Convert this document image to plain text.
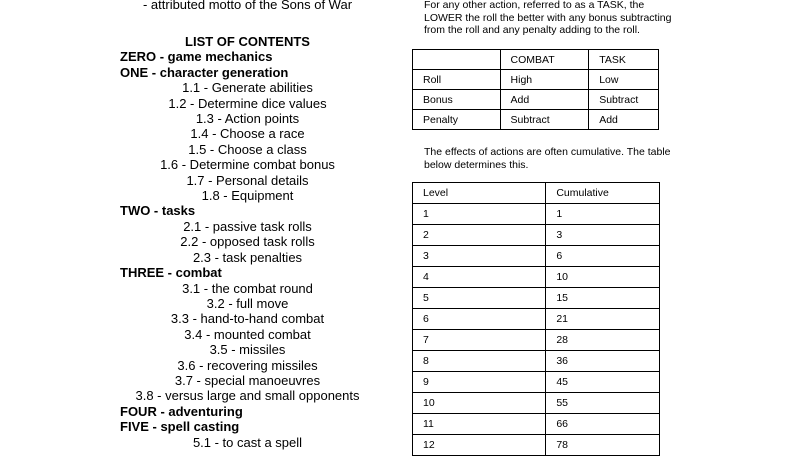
- attributed motto of the Sons of War
LIST OF CONTENTS
ZERO - game mechanics
ONE - character generation
1.1 - Generate abilities
1.2 - Determine dice values
1.3 - Action points
1.4 - Choose a race
1.5 - Choose a class
1.6 - Determine combat bonus
1.7 - Personal details
1.8 - Equipment
TWO - tasks
2.1 - passive task rolls
2.2 - opposed task rolls
2.3 - task penalties
THREE - combat
3.1 - the combat round
3.2 - full move
3.3 - hand-to-hand combat
3.4 - mounted combat
3.5 - missiles
3.6 - recovering missiles
3.7 - special manoeuvres
3.8 - versus large and small opponents
FOUR - adventuring
FIVE - spell casting
5.1 - to cast a spell
For any other action, referred to as a TASK, the LOWER the roll the better with any bonus subtracting from the roll and any penalty adding to the roll.
	COMBAT	TASK
Roll	High	Low
Bonus	Add	Subtract
Penalty	Subtract	Add
The effects of actions are often cumulative. The table below determines this.
Level	Cumulative
1	1
2	3
3	6
4	10
5	15
6	21
7	28
8	36
9	45
10	55
11	66
12	78
